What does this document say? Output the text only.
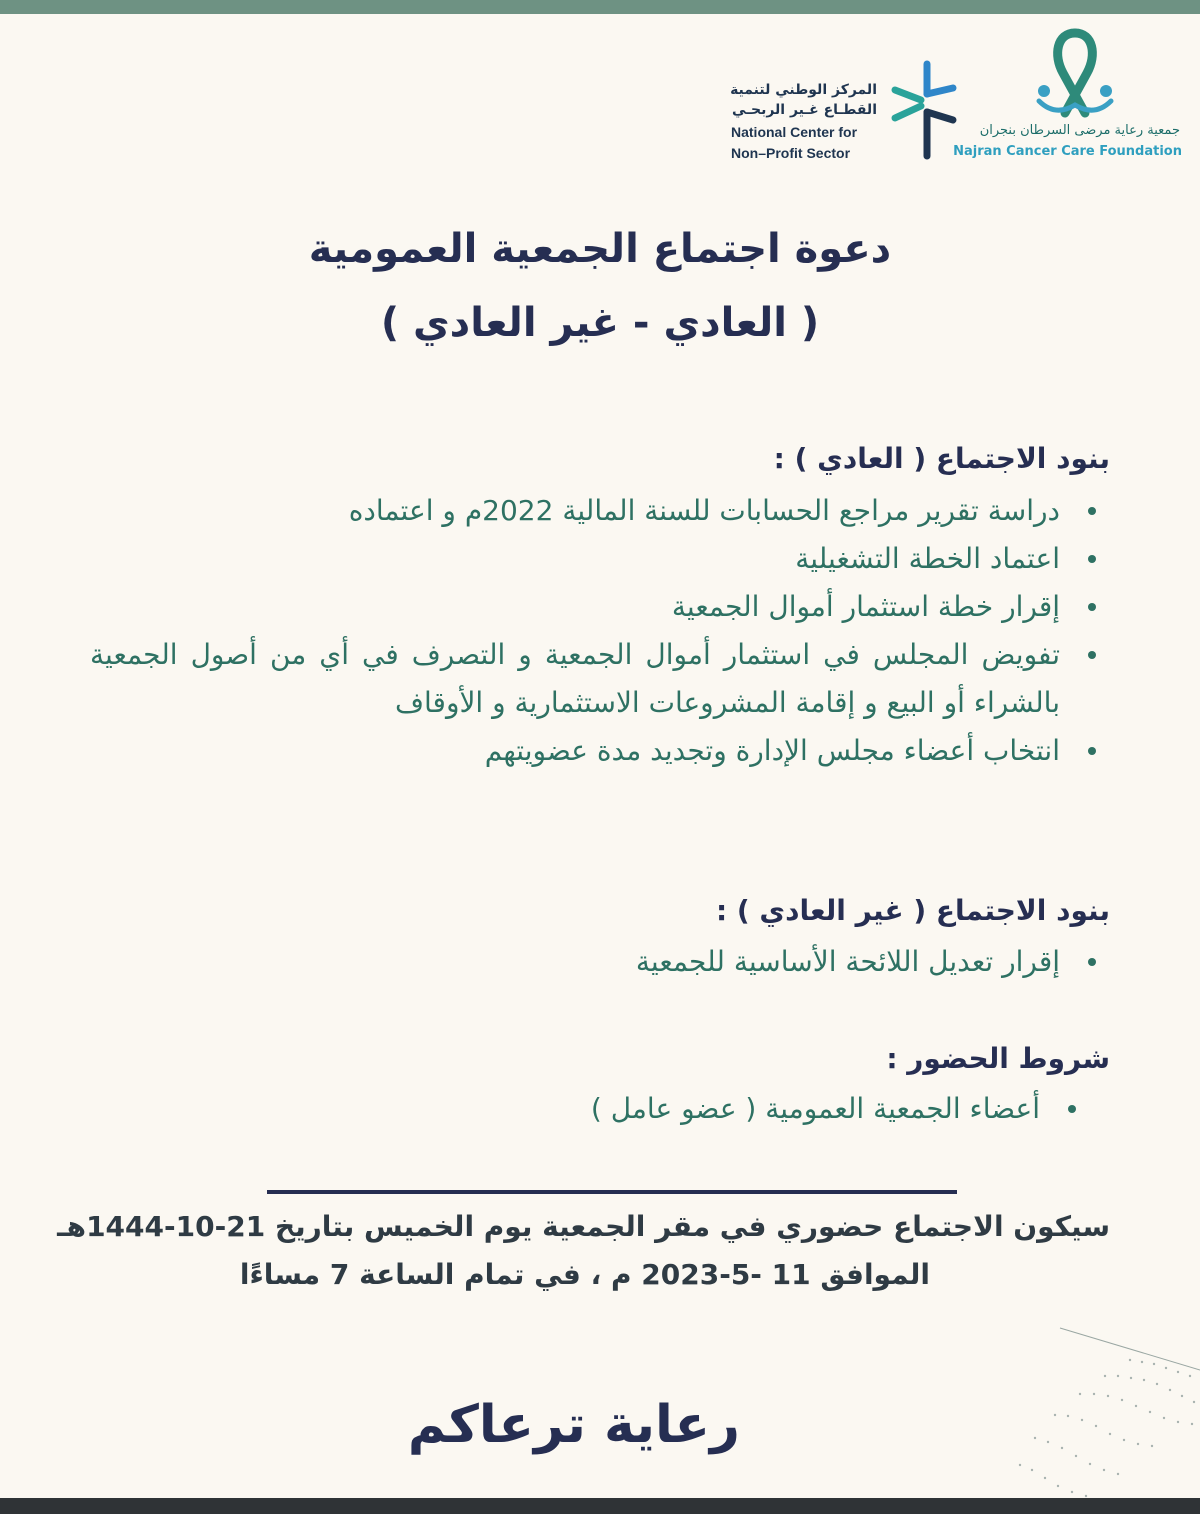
جمعية رعاية مرضى السرطان بنجران
Najran Cancer Care Foundation
المركز الوطني لتنمية
القطـاع غـير الربحـي
National Center for
Non–Profit Sector
دعوة اجتماع الجمعية العمومية
( العادي - غير العادي )
بنود الاجتماع ( العادي ) :
دراسة تقرير مراجع الحسابات للسنة المالية 2022م و اعتماده
اعتماد الخطة التشغيلية
إقرار خطة استثمار أموال الجمعية
تفويض المجلس في استثمار أموال الجمعية و التصرف في أي من أصول الجمعية بالشراء أو البيع و إقامة المشروعات الاستثمارية و الأوقاف
انتخاب أعضاء مجلس الإدارة وتجديد مدة عضويتهم
بنود الاجتماع ( غير العادي ) :
إقرار تعديل اللائحة الأساسية للجمعية
شروط الحضور :
أعضاء الجمعية العمومية ( عضو عامل )
سيكون الاجتماع حضوري في مقر الجمعية يوم الخميس بتاريخ 21-10-1444هـ
الموافق 11 -5-2023 م ، في تمام الساعة 7 مساءًا
رعاية ترعاكم
